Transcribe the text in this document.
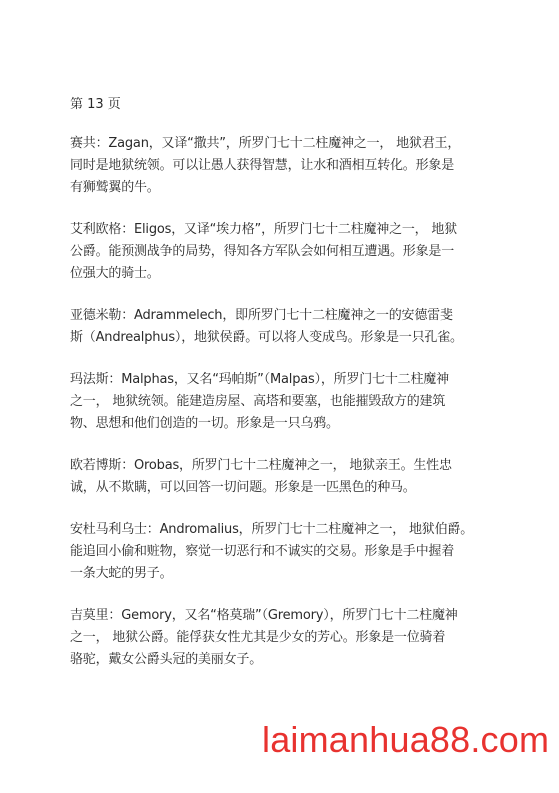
第 13 页
赛共：Zagan，又译“撒共”，所罗门七十二柱魔神之一， 地狱君王，
同时是地狱统领。可以让愚人获得智慧，让水和酒相互转化。形象是
有狮鹫翼的牛。
艾利欧格：Eligos，又译“埃力格”，所罗门七十二柱魔神之一， 地狱
公爵。能预测战争的局势，得知各方军队会如何相互遭遇。形象是一
位强大的骑士。
亚德米勒：Adrammelech，即所罗门七十二柱魔神之一的安德雷斐
斯（Andrealphus），地狱侯爵。可以将人变成鸟。形象是一只孔雀。
玛法斯：Malphas，又名“玛帕斯”（Malpas），所罗门七十二柱魔神
之一， 地狱统领。能建造房屋、高塔和要塞，也能摧毁敌方的建筑
物、思想和他们创造的一切。形象是一只乌鸦。
欧若博斯：Orobas，所罗门七十二柱魔神之一， 地狱亲王。生性忠
诚，从不欺瞒，可以回答一切问题。形象是一匹黑色的种马。
安杜马利乌士：Andromalius，所罗门七十二柱魔神之一， 地狱伯爵。
能追回小偷和赃物，察觉一切恶行和不诚实的交易。形象是手中握着
一条大蛇的男子。
吉莫里：Gemory，又名“格莫瑞”（Gremory），所罗门七十二柱魔神
之一， 地狱公爵。能俘获女性尤其是少女的芳心。形象是一位骑着
骆驼，戴女公爵头冠的美丽女子。
laimanhua88.com
